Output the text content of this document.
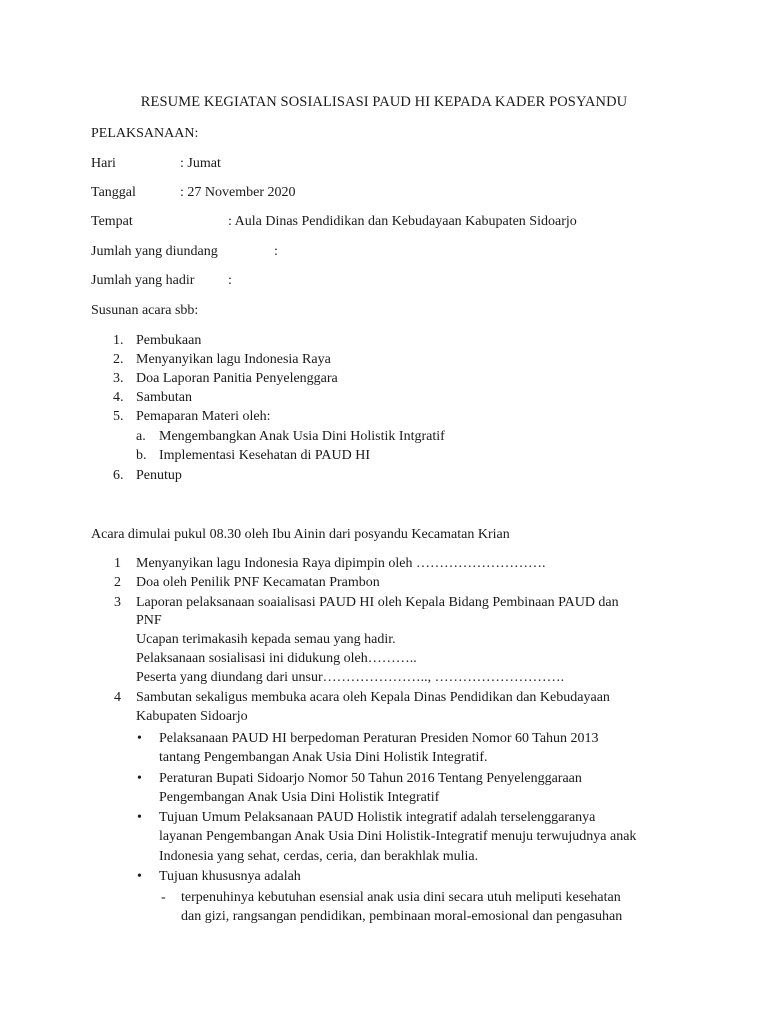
RESUME KEGIATAN SOSIALISASI PAUD HI KEPADA KADER POSYANDU
PELAKSANAAN:
Hari	: Jumat
Tanggal	: 27 November 2020
Tempat	: Aula Dinas Pendidikan dan Kebudayaan Kabupaten Sidoarjo
Jumlah yang diundang	:
Jumlah yang hadir :
Susunan acara sbb:
1. Pembukaan
2. Menyanyikan lagu Indonesia Raya
3. Doa Laporan Panitia Penyelenggara
4. Sambutan
5. Pemaparan Materi oleh:
a. Mengembangkan Anak Usia Dini Holistik Intgratif
b. Implementasi Kesehatan di PAUD HI
6. Penutup
Acara dimulai pukul 08.30 oleh Ibu Ainin dari posyandu Kecamatan Krian
1 Menyanyikan lagu Indonesia Raya dipimpin oleh ……………………….
2 Doa oleh Penilik PNF Kecamatan Prambon
3 Laporan pelaksanaan soaialisasi PAUD HI oleh Kepala Bidang Pembinaan PAUD dan
PNF
Ucapan terimakasih kepada semau yang hadir.
Pelaksanaan sosialisasi ini didukung oleh………..
Peserta yang diundang dari unsur………………….., ……………………….
4 Sambutan sekaligus membuka acara oleh Kepala Dinas Pendidikan dan Kebudayaan
Kabupaten Sidoarjo
• Pelaksanaan PAUD HI berpedoman Peraturan Presiden Nomor 60 Tahun 2013
tantang Pengembangan Anak Usia Dini Holistik Integratif.
• Peraturan Bupati Sidoarjo Nomor 50 Tahun 2016 Tentang Penyelenggaraan
Pengembangan Anak Usia Dini Holistik Integratif
• Tujuan Umum Pelaksanaan PAUD Holistik integratif adalah terselenggaranya
layanan Pengembangan Anak Usia Dini Holistik-Integratif menuju terwujudnya anak
Indonesia yang sehat, cerdas, ceria, dan berakhlak mulia.
• Tujuan khususnya adalah
- terpenuhinya kebutuhan esensial anak usia dini secara utuh meliputi kesehatan
dan gizi, rangsangan pendidikan, pembinaan moral-emosional dan pengasuhan
